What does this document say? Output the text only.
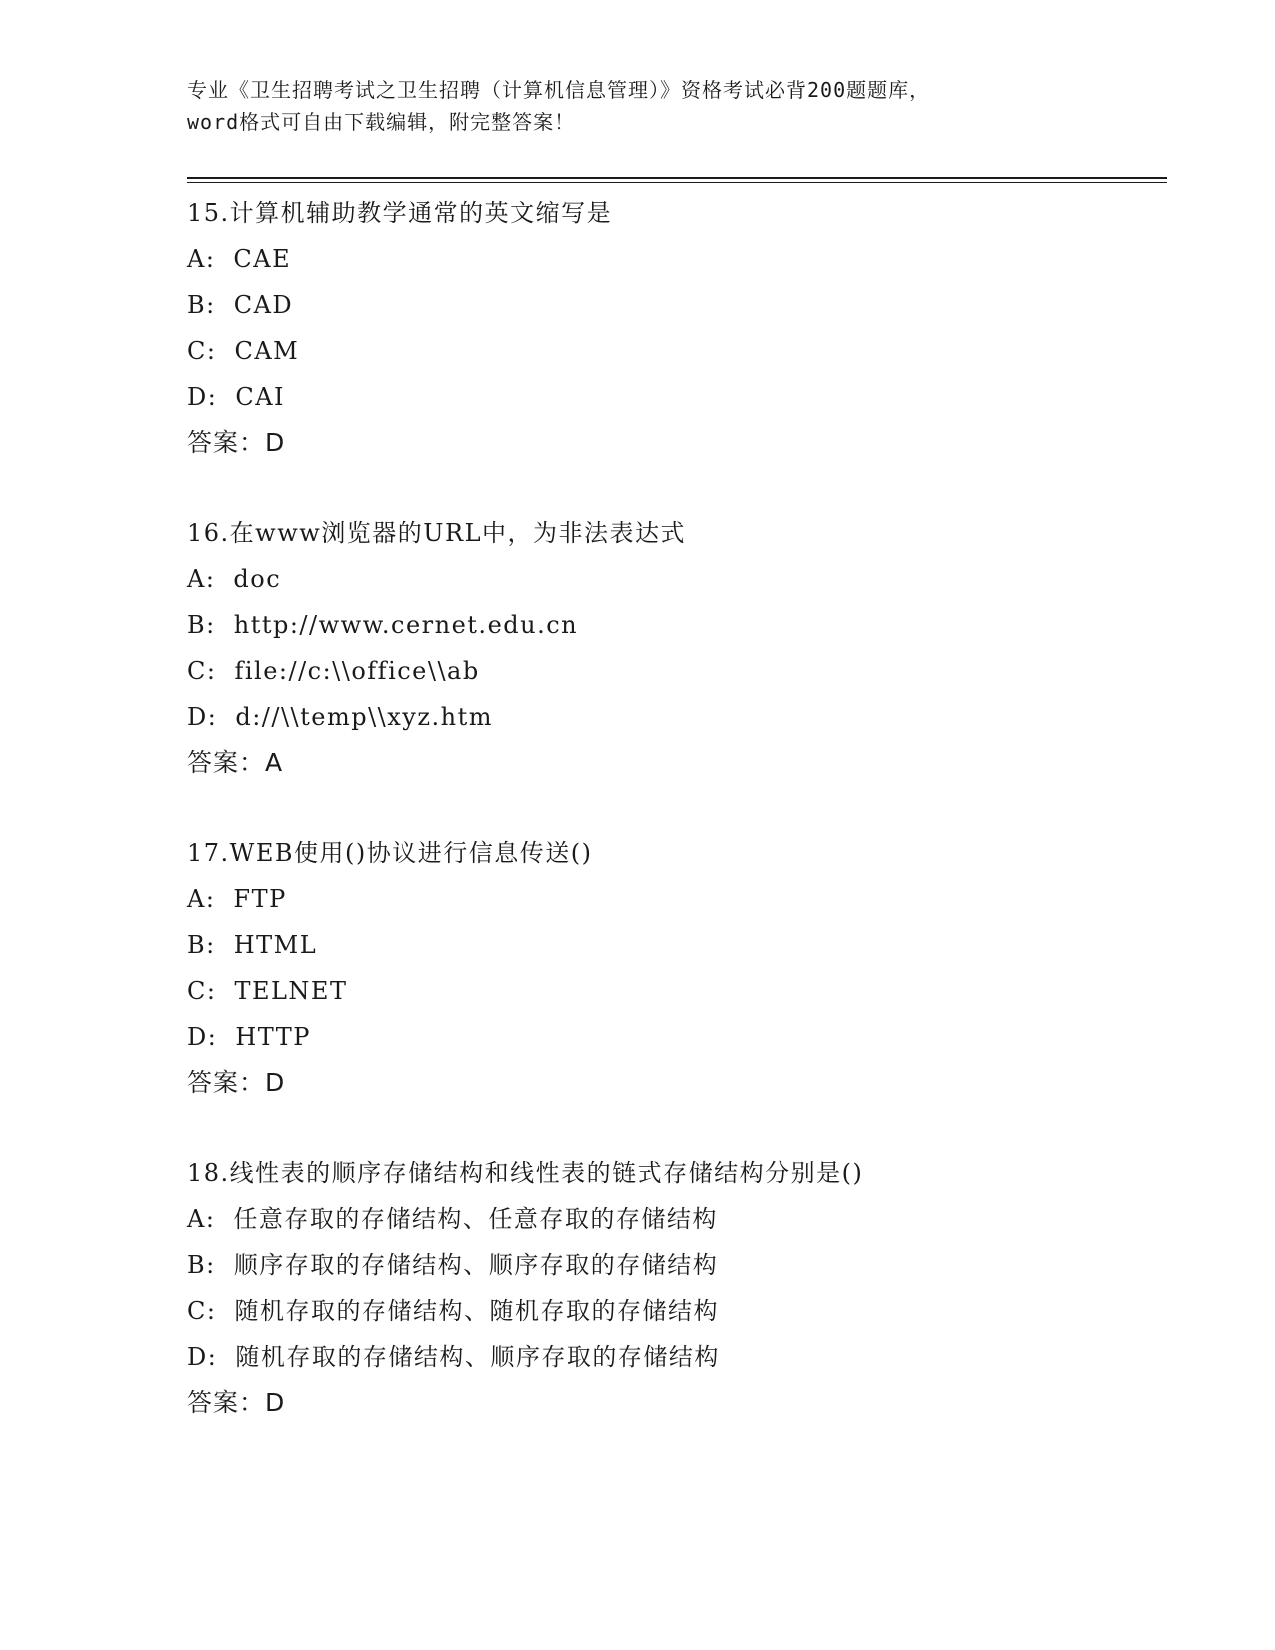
专业《卫生招聘考试之卫生招聘（计算机信息管理）》资格考试必背200题题库，
word格式可自由下载编辑，附完整答案！
15.计算机辅助教学通常的英文缩写是
A: CAE
B: CAD
C: CAM
D: CAI
答案：D
16.在www浏览器的URL中，为非法表达式
A: doc
B: http://www.cernet.edu.cn
C: file://c:\\office\\ab
D: d://\\temp\\xyz.htm
答案：A
17.WEB使用()协议进行信息传送()
A: FTP
B: HTML
C: TELNET
D: HTTP
答案：D
18.线性表的顺序存储结构和线性表的链式存储结构分别是()
A: 任意存取的存储结构、任意存取的存储结构
B: 顺序存取的存储结构、顺序存取的存储结构
C: 随机存取的存储结构、随机存取的存储结构
D: 随机存取的存储结构、顺序存取的存储结构
答案：D
